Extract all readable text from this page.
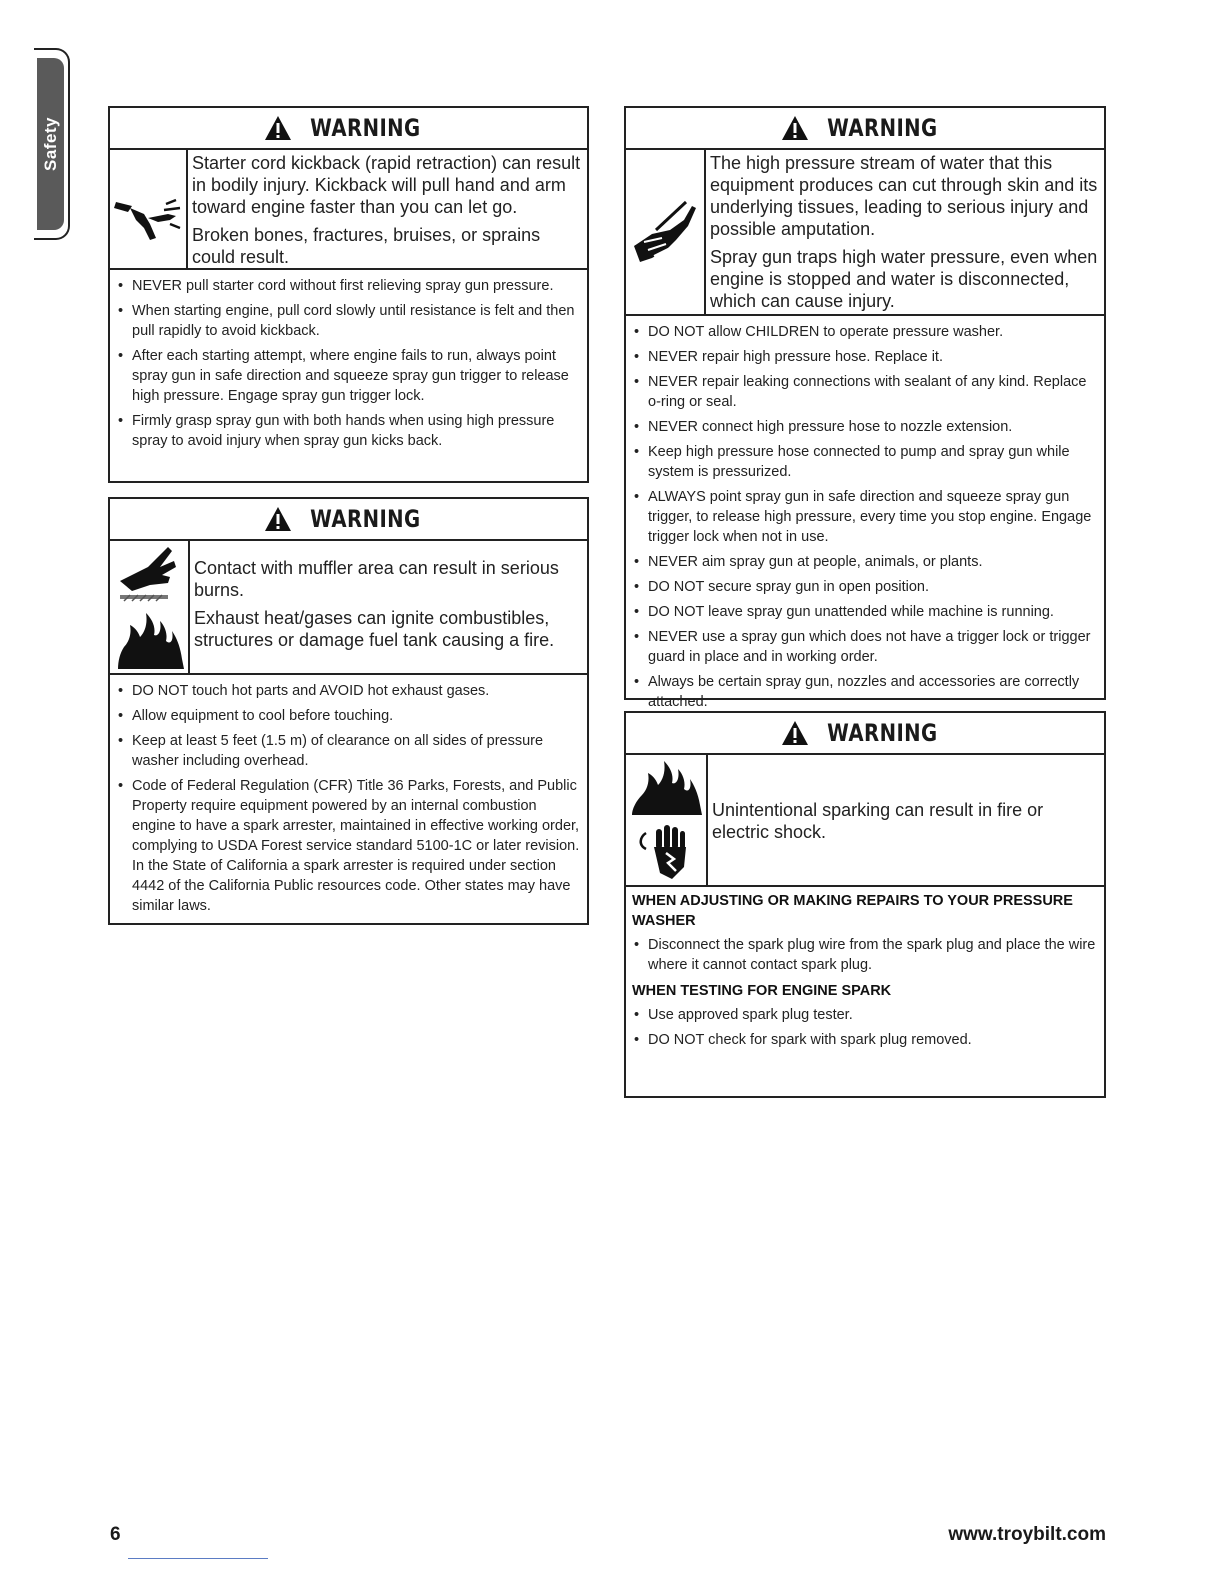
Safety	WARNING

Starter cord kickback (rapid retraction) can result in bodily injury. Kickback will pull hand and arm toward engine faster than you can let go.

Broken bones, fractures, bruises, or sprains could result.

• NEVER pull starter cord without first relieving spray gun pressure.
• When starting engine, pull cord slowly until resistance is felt and then pull rapidly to avoid kickback.
• After each starting attempt, where engine fails to run, always point spray gun in safe direction and squeeze spray gun trigger to release high pressure. Engage spray gun trigger lock.
• Firmly grasp spray gun with both hands when using high pressure spray to avoid injury when spray gun kicks back.
WARNING

Contact with muffler area can result in serious burns.

Exhaust heat/gases can ignite combustibles, structures or damage fuel tank causing a fire.

• DO NOT touch hot parts and AVOID hot exhaust gases.
• Allow equipment to cool before touching.
• Keep at least 5 feet (1.5 m) of clearance on all sides of pressure washer including overhead.
• Code of Federal Regulation (CFR) Title 36 Parks, Forests, and Public Property require equipment powered by an internal combustion engine to have a spark arrester, maintained in effective working order, complying to USDA Forest service standard 5100-1C or later revision. In the State of California a spark arrester is required under section 4442 of the California Public resources code. Other states may have similar laws.
WARNING

The high pressure stream of water that this equipment produces can cut through skin and its underlying tissues, leading to serious injury and possible amputation.

Spray gun traps high water pressure, even when engine is stopped and water is disconnected, which can cause injury.

• DO NOT allow CHILDREN to operate pressure washer.
• NEVER repair high pressure hose. Replace it.
• NEVER repair leaking connections with sealant of any kind. Replace o-ring or seal.
• NEVER connect high pressure hose to nozzle extension.
• Keep high pressure hose connected to pump and spray gun while system is pressurized.
• ALWAYS point spray gun in safe direction and squeeze spray gun trigger, to release high pressure, every time you stop engine. Engage trigger lock when not in use.
• NEVER aim spray gun at people, animals, or plants.
• DO NOT secure spray gun in open position.
• DO NOT leave spray gun unattended while machine is running.
• NEVER use a spray gun which does not have a trigger lock or trigger guard in place and in working order.
• Always be certain spray gun, nozzles and accessories are correctly attached.
WARNING

Unintentional sparking can result in fire or electric shock.

WHEN ADJUSTING OR MAKING REPAIRS TO YOUR PRESSURE WASHER
• Disconnect the spark plug wire from the spark plug and place the wire where it cannot contact spark plug.
WHEN TESTING FOR ENGINE SPARK
• Use approved spark plug tester.
• DO NOT check for spark with spark plug removed.
6	www.troybilt.com
